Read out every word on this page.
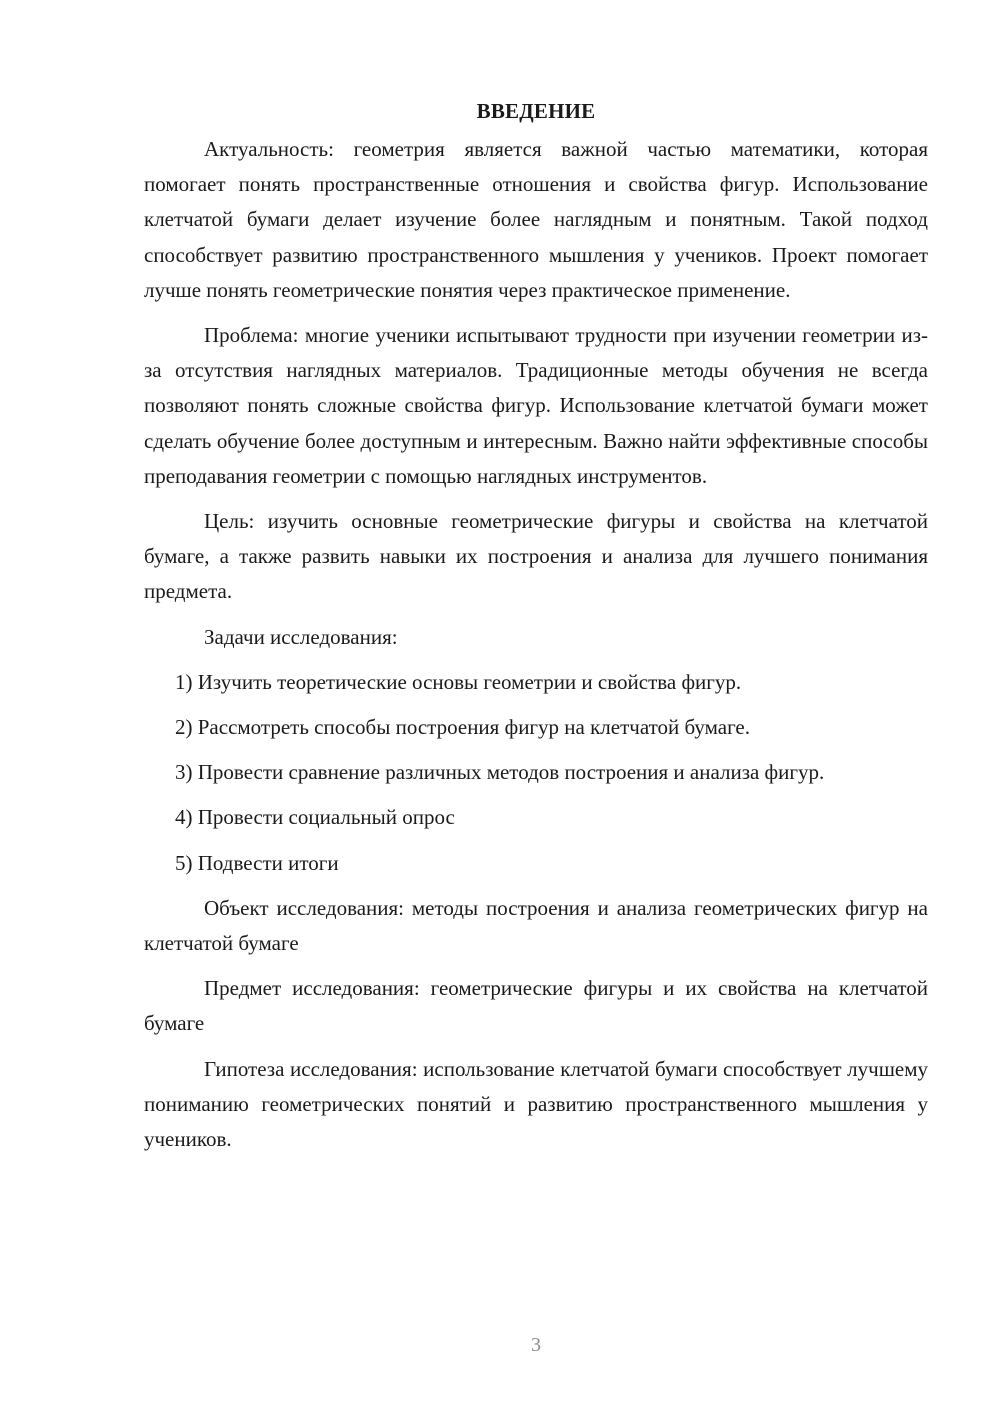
ВВЕДЕНИЕ

Актуальность: геометрия является важной частью математики, которая помогает понять пространственные отношения и свойства фигур. Использование клетчатой бумаги делает изучение более наглядным и понятным. Такой подход способствует развитию пространственного мышления у учеников. Проект помогает лучше понять геометрические понятия через практическое применение.

Проблема: многие ученики испытывают трудности при изучении геометрии из-за отсутствия наглядных материалов. Традиционные методы обучения не всегда позволяют понять сложные свойства фигур. Использование клетчатой бумаги может сделать обучение более доступным и интересным. Важно найти эффективные способы преподавания геометрии с помощью наглядных инструментов.

Цель: изучить основные геометрические фигуры и свойства на клетчатой бумаге, а также развить навыки их построения и анализа для лучшего понимания предмета.

Задачи исследования:

1) Изучить теоретические основы геометрии и свойства фигур.

2) Рассмотреть способы построения фигур на клетчатой бумаге.

3) Провести сравнение различных методов построения и анализа фигур.

4) Провести социальный опрос

5) Подвести итоги

Объект исследования: методы построения и анализа геометрических фигур на клетчатой бумаге

Предмет исследования: геометрические фигуры и их свойства на клетчатой бумаге

Гипотеза исследования: использование клетчатой бумаги способствует лучшему пониманию геометрических понятий и развитию пространственного мышления у учеников.

3
